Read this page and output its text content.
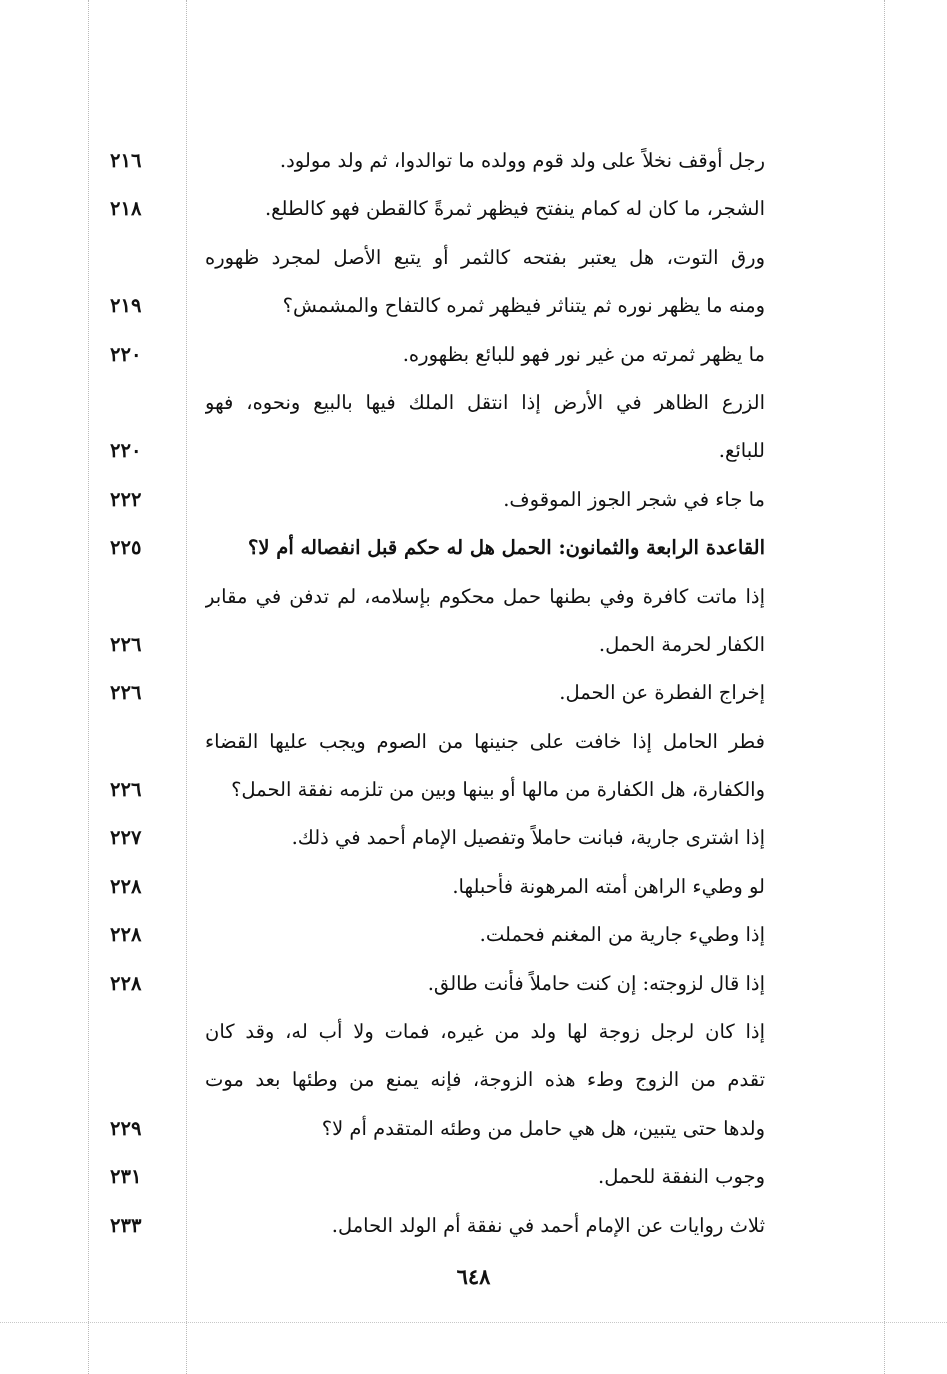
رجل أوقف نخلاً على ولد قوم وولده ما توالدوا، ثم ولد مولود.
٢١٦
الشجر، ما كان له كمام ينفتح فيظهر ثمرةً كالقطن فهو كالطلع.
٢١٨
ورق التوت، هل يعتبر بفتحه كالثمر أو يتبع الأصل لمجرد ظهوره
ومنه ما يظهر نوره ثم يتناثر فيظهر ثمره كالتفاح والمشمش؟
٢١٩
ما يظهر ثمرته من غير نور فهو للبائع بظهوره.
٢٢٠
الزرع الظاهر في الأرض إذا انتقل الملك فيها بالبيع ونحوه، فهو
للبائع.
٢٢٠
ما جاء في شجر الجوز الموقوف.
٢٢٢
القاعدة الرابعة والثمانون: الحمل هل له حكم قبل انفصاله أم لا؟
٢٢٥
إذا ماتت كافرة وفي بطنها حمل محكوم بإسلامه، لم تدفن في مقابر
الكفار لحرمة الحمل.
٢٢٦
إخراج الفطرة عن الحمل.
٢٢٦
فطر الحامل إذا خافت على جنينها من الصوم ويجب عليها القضاء
والكفارة، هل الكفارة من مالها أو بينها وبين من تلزمه نفقة الحمل؟
٢٢٦
إذا اشترى جارية، فبانت حاملاً وتفصيل الإمام أحمد في ذلك.
٢٢٧
لو وطيء الراهن أمته المرهونة فأحبلها.
٢٢٨
إذا وطيء جارية من المغنم فحملت.
٢٢٨
إذا قال لزوجته: إن كنت حاملاً فأنت طالق.
٢٢٨
إذا كان لرجل زوجة لها ولد من غيره، فمات ولا أب له، وقد كان
تقدم من الزوج وطء هذه الزوجة، فإنه يمنع من وطئها بعد موت
ولدها حتى يتبين، هل هي حامل من وطئه المتقدم أم لا؟
٢٢٩
وجوب النفقة للحمل.
٢٣١
ثلاث روايات عن الإمام أحمد في نفقة أم الولد الحامل.
٢٣٣
٦٤٨
